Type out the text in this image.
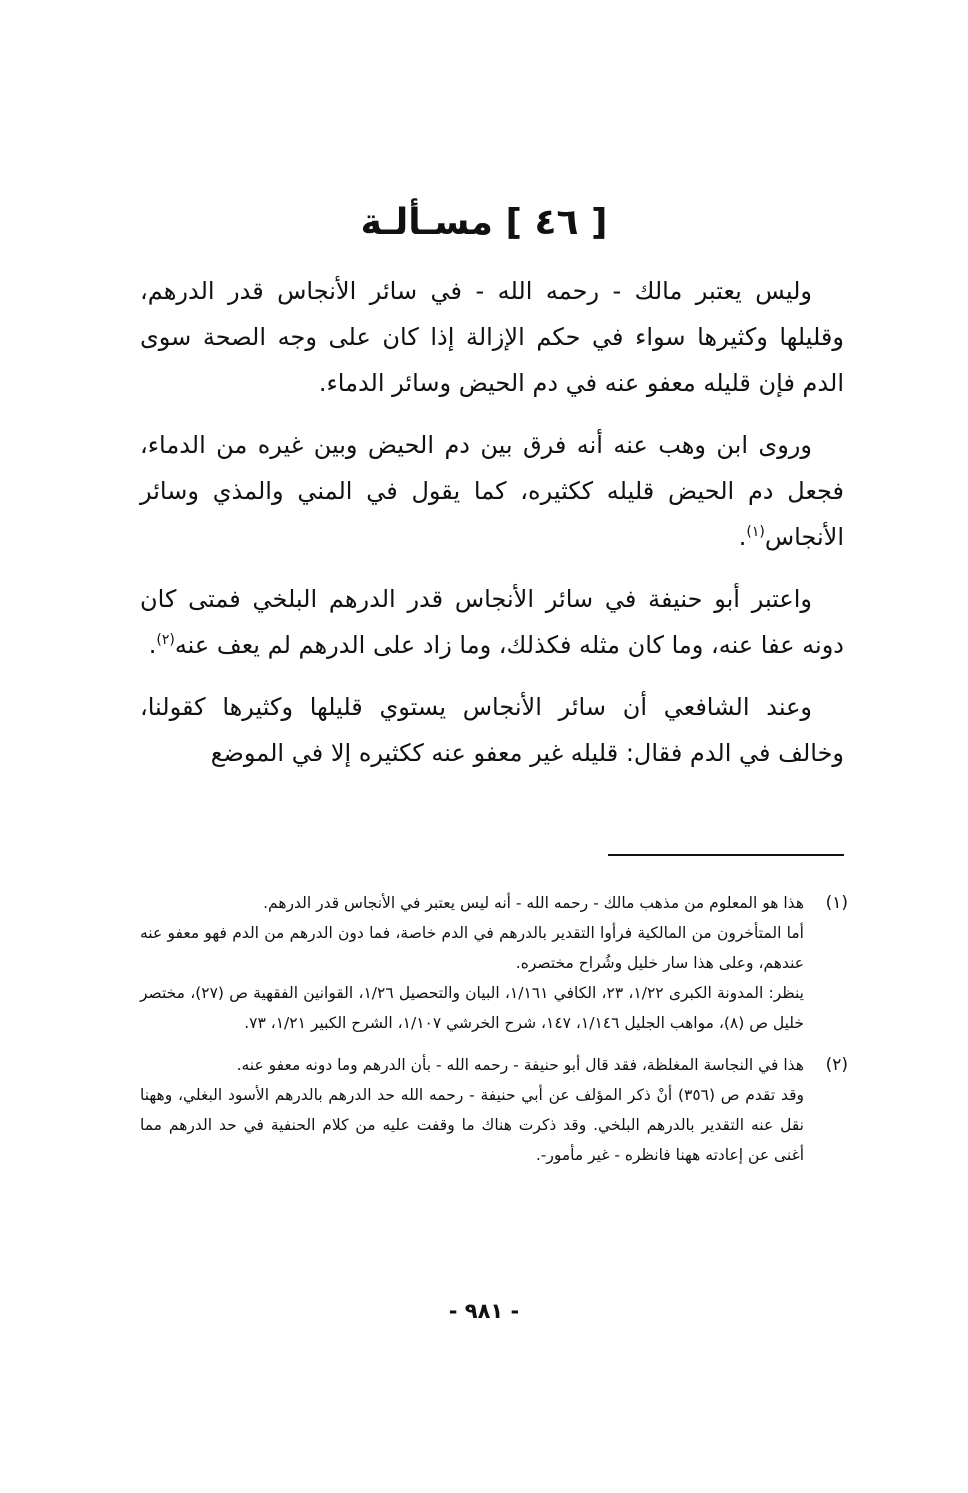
[ ٤٦ ] مسـألـة

وليس يعتبر مالك - رحمه الله - في سائر الأنجاس قدر الدرهم، وقليلها وكثيرها سواء في حكم الإزالة إذا كان على وجه الصحة سوى الدم فإن قليله معفو عنه في دم الحيض وسائر الدماء.

وروى ابن وهب عنه أنه فرق بين دم الحيض وبين غيره من الدماء، فجعل دم الحيض قليله ككثيره، كما يقول في المني والمذي وسائر الأنجاس$^{(١)}$.

واعتبر أبو حنيفة في سائر الأنجاس قدر الدرهم البلخي فمتى كان دونه عفا عنه، وما كان مثله فكذلك، وما زاد على الدرهم لم يعف عنه$^{(٢)}$.

وعند الشافعي أن سائر الأنجاس يستوي قليلها وكثيرها كقولنا، وخالف في الدم فقال: قليله غير معفو عنه ككثيره إلا في الموضع

(١)

هذا هو المعلوم من مذهب مالك - رحمه الله - أنه ليس يعتبر في الأنجاس قدر الدرهم.

أما المتأخرون من المالكية فرأوا التقدير بالدرهم في الدم خاصة، فما دون الدرهم من الدم فهو معفو عنه عندهم، وعلى هذا سار خليل وشُراح مختصره.

ينظر: المدونة الكبرى ١/٢٢، ٢٣، الكافي ١/١٦١، البيان والتحصيل ١/٢٦، القوانين الفقهية ص (٢٧)، مختصر خليل ص (٨)، مواهب الجليل ١/١٤٦، ١٤٧، شرح الخرشي ١/١٠٧، الشرح الكبير ١/٢١، ٧٣.

(٢)

هذا في النجاسة المغلظة، فقد قال أبو حنيفة - رحمه الله - بأن الدرهم وما دونه معفو عنه.

وقد تقدم ص (٣٥٦) أنْ ذكر المؤلف عن أبي حنيفة - رحمه الله حد الدرهم بالدرهم الأسود البغلي، وههنا نقل عنه التقدير بالدرهم البلخي. وقد ذكرت هناك ما وقفت عليه من كلام الحنفية في حد الدرهم مما أغنى عن إعادته ههنا فانظره - غير مأمور-.

- ٩٨١ -
